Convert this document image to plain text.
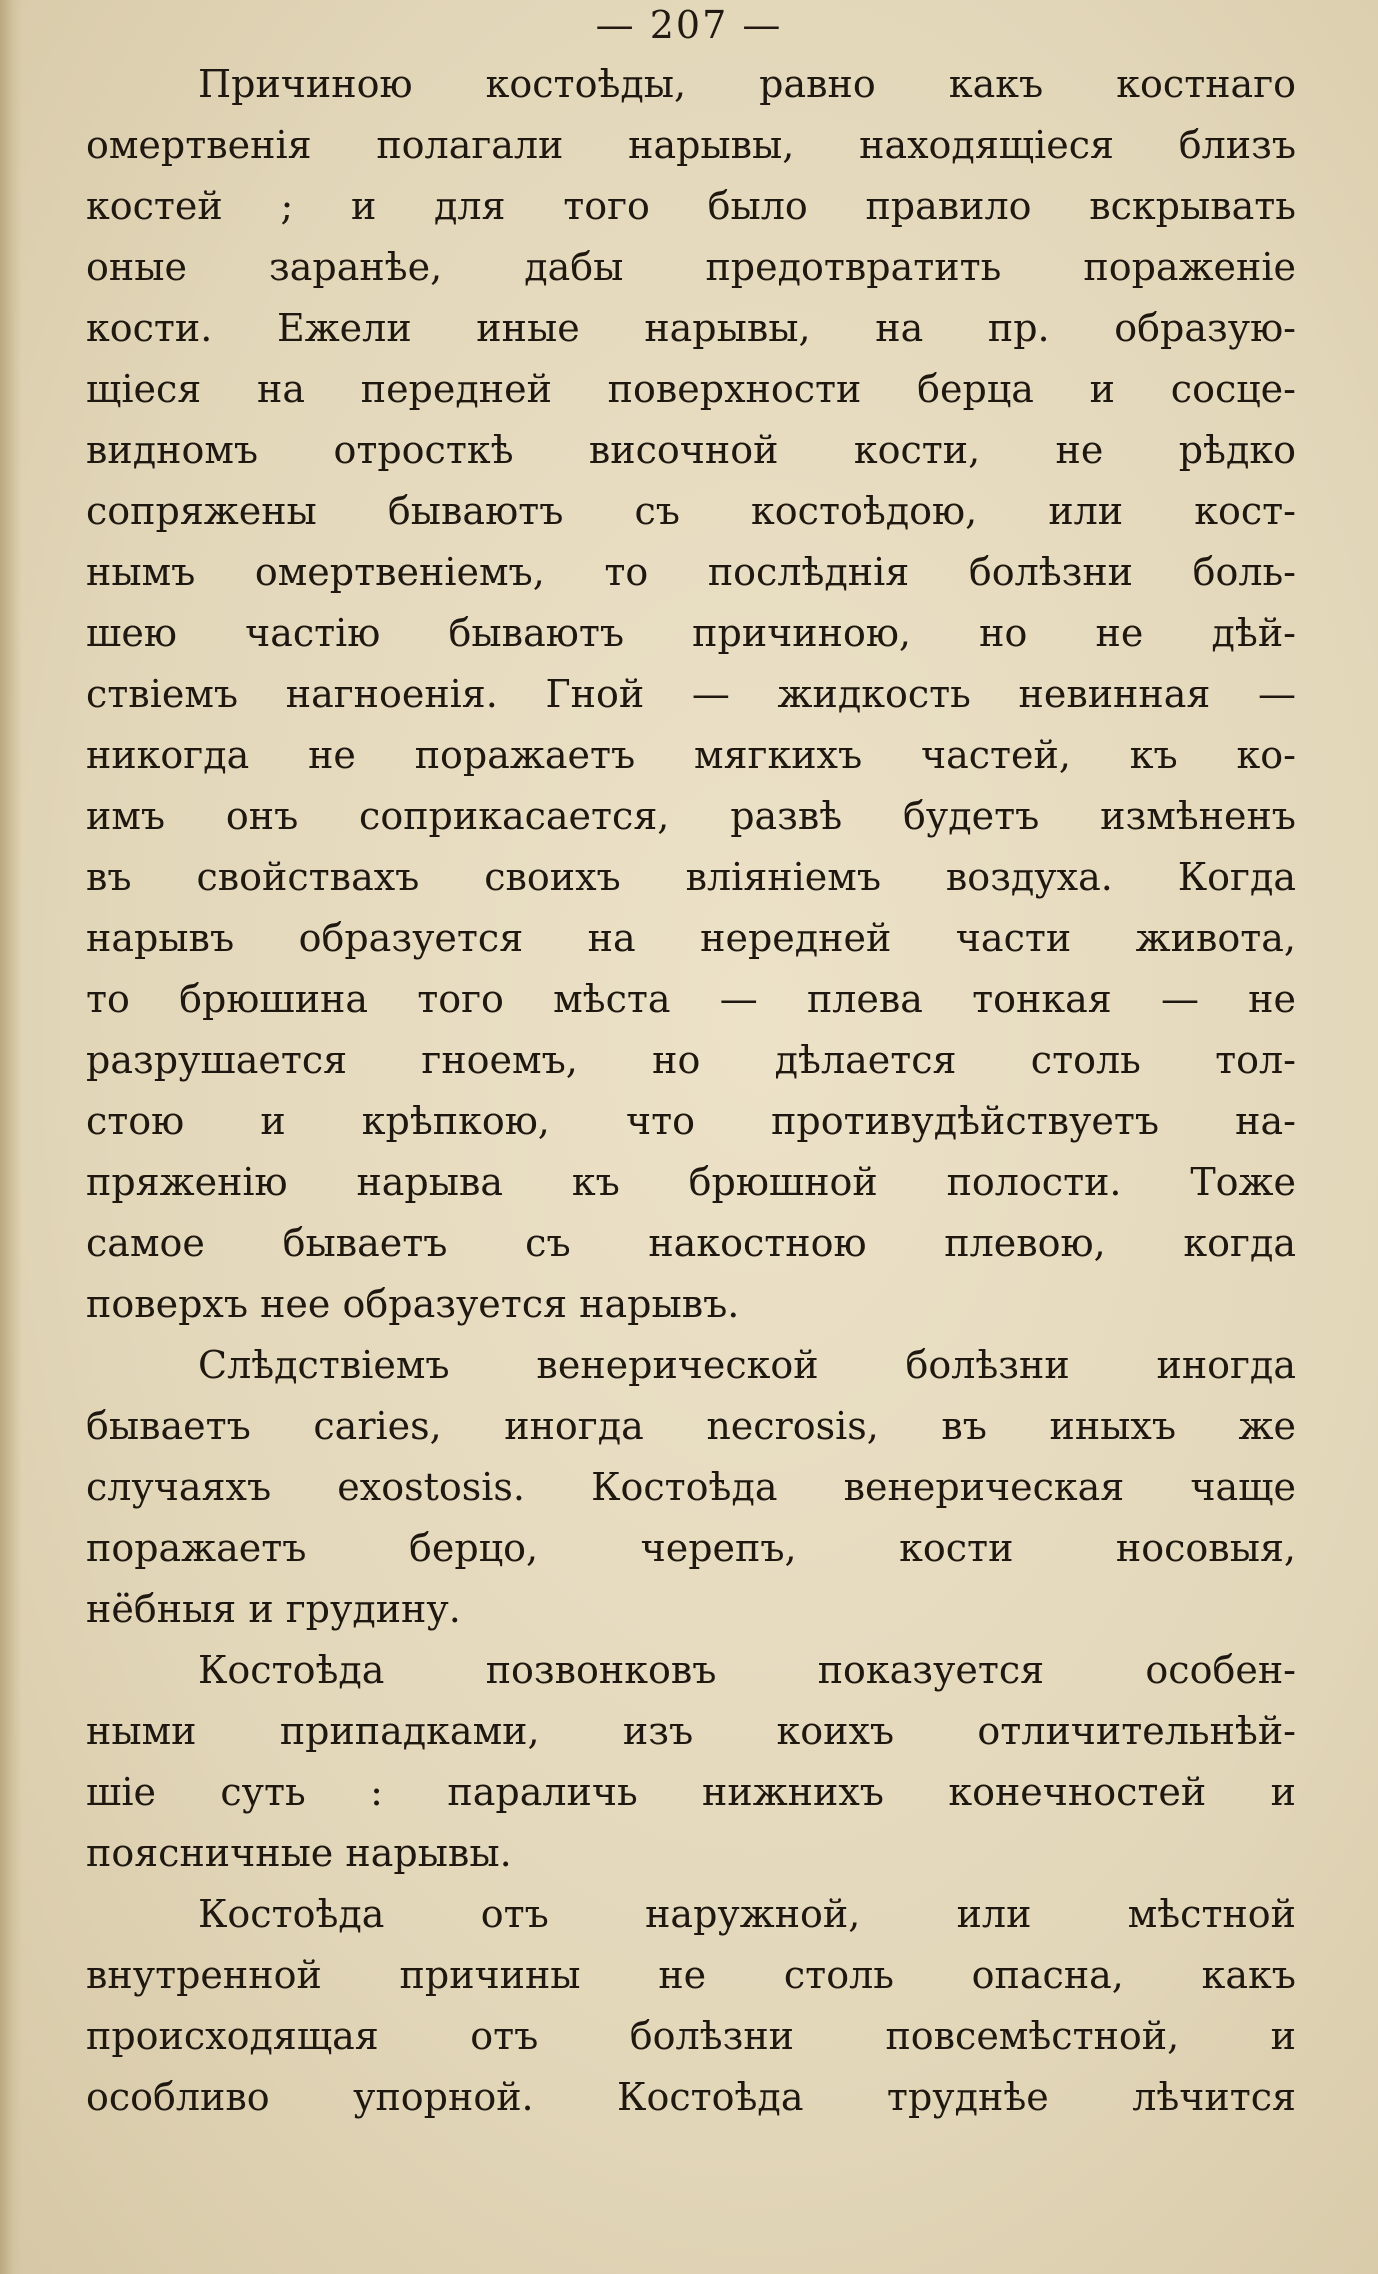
— 207 —
Причиною костоѣды, равно какъ костнаго
омертвенія полагали нарывы, находящіеся близъ
костей ; и для того было правило вскрывать
оные заранѣе, дабы предотвратить пораженіе
кости. Ежели иные нарывы, на пр. образую-
щіеся на передней поверхности берца и сосце-
видномъ отросткѣ височной кости, не рѣдко
сопряжены бываютъ съ костоѣдою, или кост-
нымъ омертвеніемъ, то послѣднія болѣзни боль-
шею частію бываютъ причиною, но не дѣй-
ствіемъ нагноенія. Гной — жидкость невинная —
никогда не поражаетъ мягкихъ частей, къ ко-
имъ онъ соприкасается, развѣ будетъ измѣненъ
въ свойствахъ своихъ вліяніемъ воздуха. Когда
нарывъ образуется на нередней части живота,
то брюшина того мѣста — плева тонкая — не
разрушается гноемъ, но дѣлается столь тол-
стою и крѣпкою, что противудѣйствуетъ на-
пряженію нарыва къ брюшной полости. Тоже
самое бываетъ съ накостною плевою, когда
поверхъ нее образуется нарывъ.
Слѣдствіемъ венерической болѣзни иногда
бываетъ caries, иногда necrosis, въ иныхъ же
случаяхъ exostosis. Костоѣда венерическая чаще
поражаетъ берцо, черепъ, кости носовыя,
нёбныя и грудину.
Костоѣда позвонковъ показуется особен-
ными припадками, изъ коихъ отличительнѣй-
шіе суть : параличь нижнихъ конечностей и
поясничные нарывы.
Костоѣда отъ наружной, или мѣстной
внутренной причины не столь опасна, какъ
происходящая отъ болѣзни повсемѣстной, и
особливо упорной. Костоѣда труднѣе лѣчится
